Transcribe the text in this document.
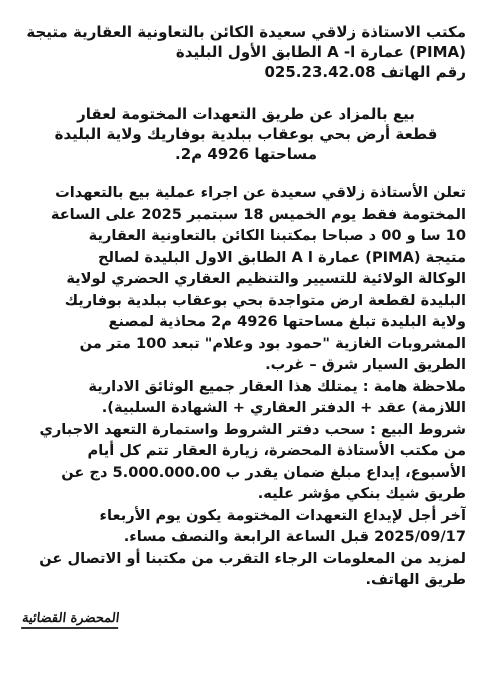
مكتب الاستاذة زلاقي سعيدة الكائن بالتعاونية العقارية متيجة
(PIMA) عمارة ا- A الطابق الأول البليدة
رقم الهاتف 025.23.42.08
بيع بالمزاد عن طريق التعهدات المختومة لعقار
قطعة أرض بحي بوعقاب ببلدية بوفاريك ولاية البليدة
مساحتها 4926 م2.
تعلن الأستاذة زلاقي سعيدة عن اجراء عملية بيع بالتعهدات
المختومة فقط يوم الخميس 18 سبتمبر 2025 على الساعة
10 سا و 00 د صباحا بمكتبنا الكائن بالتعاونية العقارية
متيجة (PIMA) عمارة ا A الطابق الاول البليدة لصالح
الوكالة الولائية للتسيير والتنظيم العقاري الحضري لولاية
البليدة لقطعة ارض متواجدة بحي بوعقاب ببلدية بوفاريك
ولاية البليدة تبلغ مساحتها 4926 م2 محاذية لمصنع
المشروبات الغازية "حمود بود وعلام" تبعد 100 متر من
الطريق السيار شرق – غرب.
ملاحظة هامة : يمتلك هذا العقار جميع الوثائق الادارية
اللازمة) عقد + الدفتر العقاري + الشهادة السلبية).
شروط البيع : سحب دفتر الشروط واستمارة التعهد الاجباري
من مكتب الأستاذة المحضرة، زيارة العقار تتم كل أيام
الأسبوع، إيداع مبلغ ضمان يقدر ب 5.000.000.00 دج عن
طريق شيك بنكي مؤشر عليه.
آخر أجل لإيداع التعهدات المختومة يكون يوم الأربعاء
2025/09/17 قبل الساعة الرابعة والنصف مساء.
لمزيد من المعلومات الرجاء التقرب من مكتبنا أو الاتصال عن
طريق الهاتف.
المحضرة القضائية
